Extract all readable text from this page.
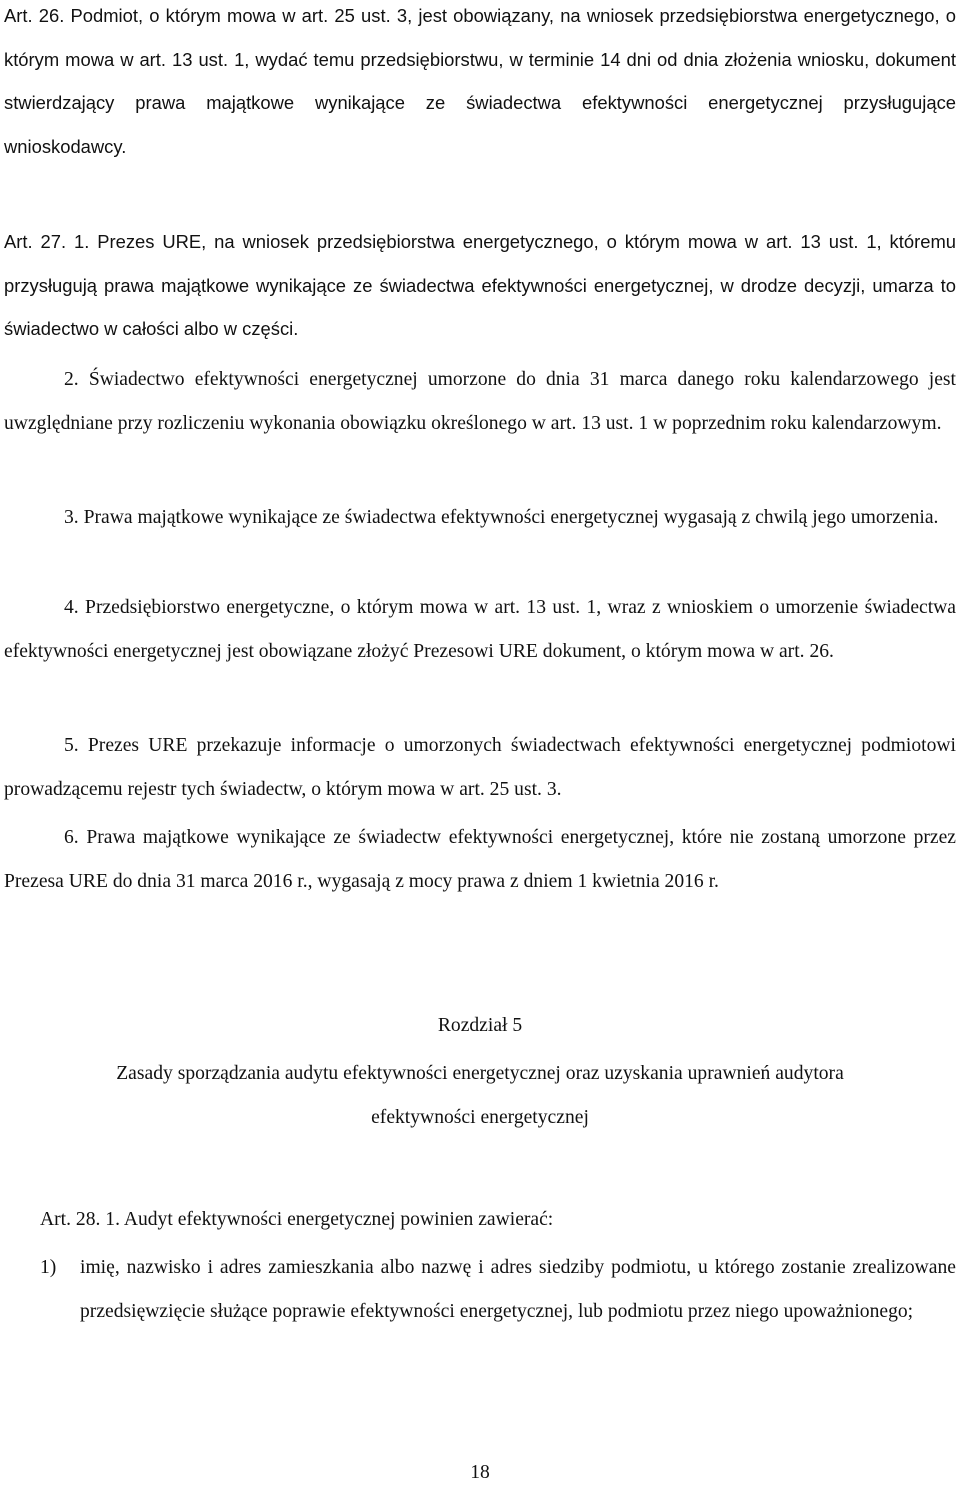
Art. 26. Podmiot, o którym mowa w art. 25 ust. 3, jest obowiązany, na wniosek przedsiębiorstwa energetycznego, o którym mowa w art. 13 ust. 1, wydać temu przedsiębiorstwu, w terminie 14 dni od dnia złożenia wniosku, dokument stwierdzający prawa majątkowe wynikające ze świadectwa efektywności energetycznej przysługujące wnioskodawcy.

Art. 27. 1. Prezes URE, na wniosek przedsiębiorstwa energetycznego, o którym mowa w art. 13 ust. 1, któremu przysługują prawa majątkowe wynikające ze świadectwa efektywności energetycznej, w drodze decyzji, umarza to świadectwo w całości albo w części.

2. Świadectwo efektywności energetycznej umorzone do dnia 31 marca danego roku kalendarzowego jest uwzględniane przy rozliczeniu wykonania obowiązku określonego w art. 13 ust. 1 w poprzednim roku kalendarzowym.

3. Prawa majątkowe wynikające ze świadectwa efektywności energetycznej wygasają z chwilą jego umorzenia.

4. Przedsiębiorstwo energetyczne, o którym mowa w art. 13 ust. 1, wraz z wnioskiem o umorzenie świadectwa efektywności energetycznej jest obowiązane złożyć Prezesowi URE dokument, o którym mowa w art. 26.

5. Prezes URE przekazuje informacje o umorzonych świadectwach efektywności energetycznej podmiotowi prowadzącemu rejestr tych świadectw, o którym mowa w art. 25 ust. 3.

6. Prawa majątkowe wynikające ze świadectw efektywności energetycznej, które nie zostaną umorzone przez Prezesa URE do dnia 31 marca 2016 r., wygasają z mocy prawa z dniem 1 kwietnia 2016 r.

Rozdział 5

Zasady sporządzania audytu efektywności energetycznej oraz uzyskania uprawnień audytora

efektywności energetycznej

Art. 28. 1. Audyt efektywności energetycznej powinien zawierać:

1) imię, nazwisko i adres zamieszkania albo nazwę i adres siedziby podmiotu, u którego zostanie zrealizowane przedsięwzięcie służące poprawie efektywności energetycznej, lub podmiotu przez niego upoważnionego;

18
